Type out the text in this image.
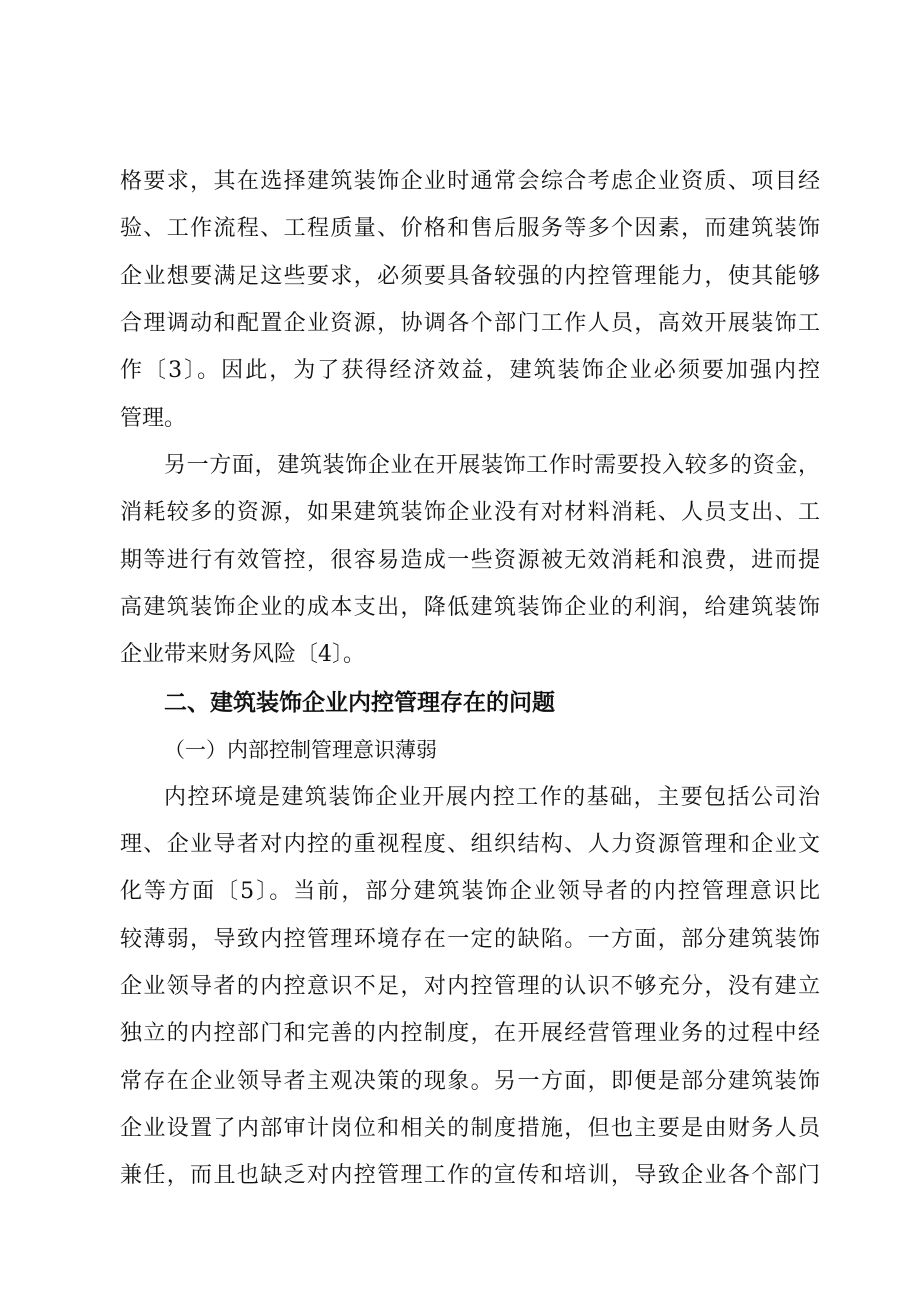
格要求，其在选择建筑装饰企业时通常会综合考虑企业资质、项目经
验、工作流程、工程质量、价格和售后服务等多个因素，而建筑装饰
企业想要满足这些要求，必须要具备较强的内控管理能力，使其能够
合理调动和配置企业资源，协调各个部门工作人员，高效开展装饰工
作〔3〕。因此，为了获得经济效益，建筑装饰企业必须要加强内控
管理。
另一方面，建筑装饰企业在开展装饰工作时需要投入较多的资金，
消耗较多的资源，如果建筑装饰企业没有对材料消耗、人员支出、工
期等进行有效管控，很容易造成一些资源被无效消耗和浪费，进而提
高建筑装饰企业的成本支出，降低建筑装饰企业的利润，给建筑装饰
企业带来财务风险〔4〕。
二、建筑装饰企业内控管理存在的问题
（一）内部控制管理意识薄弱
内控环境是建筑装饰企业开展内控工作的基础，主要包括公司治
理、企业导者对内控的重视程度、组织结构、人力资源管理和企业文
化等方面〔5〕。当前，部分建筑装饰企业领导者的内控管理意识比
较薄弱，导致内控管理环境存在一定的缺陷。一方面，部分建筑装饰
企业领导者的内控意识不足，对内控管理的认识不够充分，没有建立
独立的内控部门和完善的内控制度，在开展经营管理业务的过程中经
常存在企业领导者主观决策的现象。另一方面，即便是部分建筑装饰
企业设置了内部审计岗位和相关的制度措施，但也主要是由财务人员
兼任，而且也缺乏对内控管理工作的宣传和培训，导致企业各个部门
